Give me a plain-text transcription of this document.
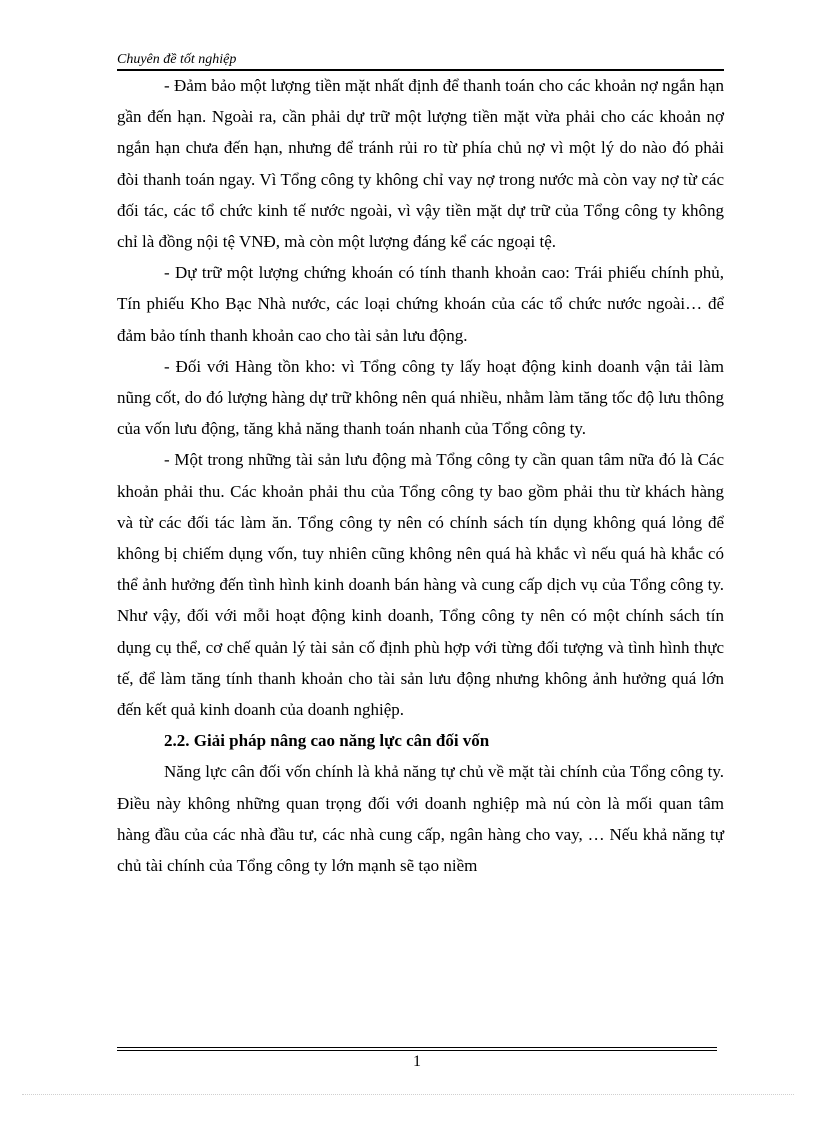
Chuyên đề tốt nghiệp

- Đảm bảo một lượng tiền mặt nhất định để thanh toán cho các khoản nợ ngắn hạn gần đến hạn. Ngoài ra, cần phải dự trữ một lượng tiền mặt vừa phải cho các khoản nợ ngắn hạn chưa đến hạn, nhưng để tránh rủi ro từ phía chủ nợ vì một lý do nào đó phải đòi thanh toán ngay. Vì Tổng công ty không chỉ vay nợ trong nước mà còn vay nợ từ các đối tác, các tổ chức kinh tế nước ngoài, vì vậy tiền mặt dự trữ của Tổng công ty không chỉ là đồng nội tệ VNĐ, mà còn một lượng đáng kể các ngoại tệ.

- Dự trữ một lượng chứng khoán có tính thanh khoản cao: Trái phiếu chính phủ, Tín phiếu Kho Bạc Nhà nước, các loại chứng khoán của các tổ chức nước ngoài… để đảm bảo tính thanh khoản cao cho tài sản lưu động.

- Đối với Hàng tồn kho: vì Tổng công ty lấy hoạt động kinh doanh vận tải làm nũng cốt, do đó lượng hàng dự trữ không nên quá nhiều, nhằm làm tăng tốc độ lưu thông của vốn lưu động, tăng khả năng thanh toán nhanh của Tổng công ty.

- Một trong những tài sản lưu động mà Tổng công ty cần quan tâm nữa đó là Các khoản phải thu. Các khoản phải thu của Tổng công ty bao gồm phải thu từ khách hàng và từ các đối tác làm ăn. Tổng công ty nên có chính sách tín dụng không quá lỏng để không bị chiếm dụng vốn, tuy nhiên cũng không nên quá hà khắc vì nếu quá hà khắc có thể ảnh hưởng đến tình hình kinh doanh bán hàng và cung cấp dịch vụ của Tổng công ty. Như vậy, đối với mỗi hoạt động kinh doanh, Tổng công ty nên có một chính sách tín dụng cụ thể, cơ chế quản lý tài sản cố định phù hợp với từng đối tượng và tình hình thực tế, để làm tăng tính thanh khoản cho tài sản lưu động nhưng không ảnh hưởng quá lớn đến kết quả kinh doanh của doanh nghiệp.

2.2. Giải pháp nâng cao năng lực cân đối vốn

Năng lực cân đối vốn chính là khả năng tự chủ về mặt tài chính của Tổng công ty. Điều này không những quan trọng đối với doanh nghiệp mà nú còn là mối quan tâm hàng đầu của các nhà đầu tư, các nhà cung cấp, ngân hàng cho vay, … Nếu khả năng tự chủ tài chính của Tổng công ty lớn mạnh sẽ tạo niềm

1
